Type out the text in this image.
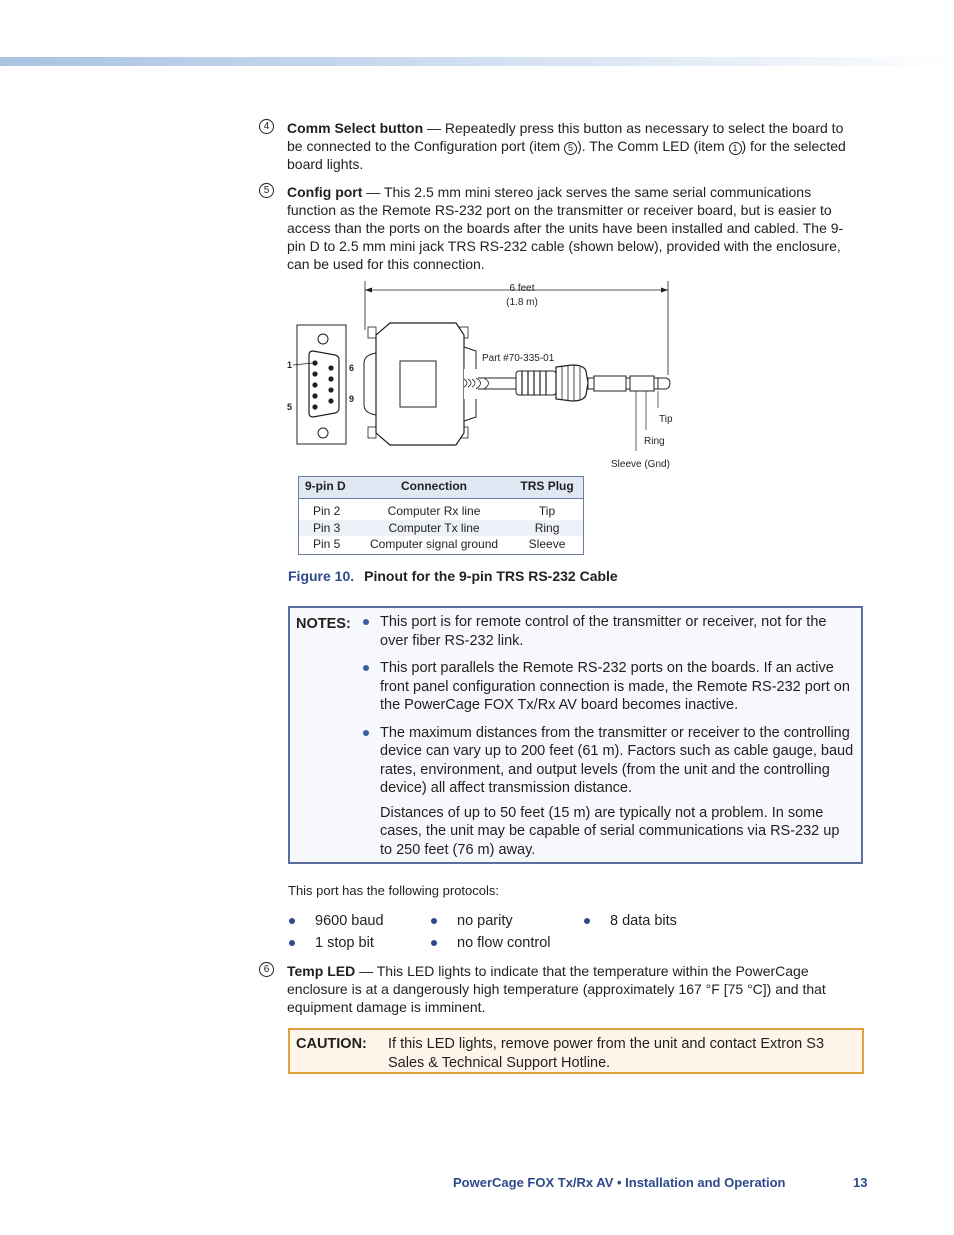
4	Comm Select button — Repeatedly press this button as necessary to select the board to be connected to the Configuration port (item 5 ). The Comm LED (item 1 ) for the selected board lights.
5	Config port — This 2.5 mm mini stereo jack serves the same serial communications function as the Remote RS-232 port on the transmitter or receiver board, but is easier to access than the ports on the boards after the units have been installed and cabled. The 9-pin D to 2.5 mm mini jack TRS RS-232 cable (shown below), provided with the enclosure, can be used for this connection.
6 feet
(1.8 m)
1
5
6
9
Part #70-335-01
Tip
Ring
Sleeve (Gnd)
9-pin D	Connection	TRS Plug
Pin 2	Computer Rx line	Tip
Pin 3	Computer Tx line	Ring
Pin 5	Computer signal ground	Sleeve
Figure 10. Pinout for the 9-pin TRS RS-232 Cable
NOTES: This port is for remote control of the transmitter or receiver, not for the over fiber RS-232 link.

This port parallels the Remote RS-232 ports on the boards. If an active front panel configuration connection is made, the Remote RS-232 port on the PowerCage FOX Tx/Rx AV board becomes inactive.

The maximum distances from the transmitter or receiver to the controlling device can vary up to 200 feet (61 m). Factors such as cable gauge, baud rates, environment, and output levels (from the unit and the controlling device) all affect transmission distance.

Distances of up to 50 feet (15 m) are typically not a problem. In some cases, the unit may be capable of serial communications via RS-232 up to 250 feet (76 m) away.

This port has the following protocols:
9600 baud	no parity	8 data bits
1 stop bit	no flow control
6	Temp LED — This LED lights to indicate that the temperature within the PowerCage enclosure is at a dangerously high temperature (approximately 167 °F [75 °C]) and that equipment damage is imminent.
CAUTION: If this LED lights, remove power from the unit and contact Extron S3 Sales & Technical Support Hotline.
PowerCage FOX Tx/Rx AV • Installation and Operation	13
